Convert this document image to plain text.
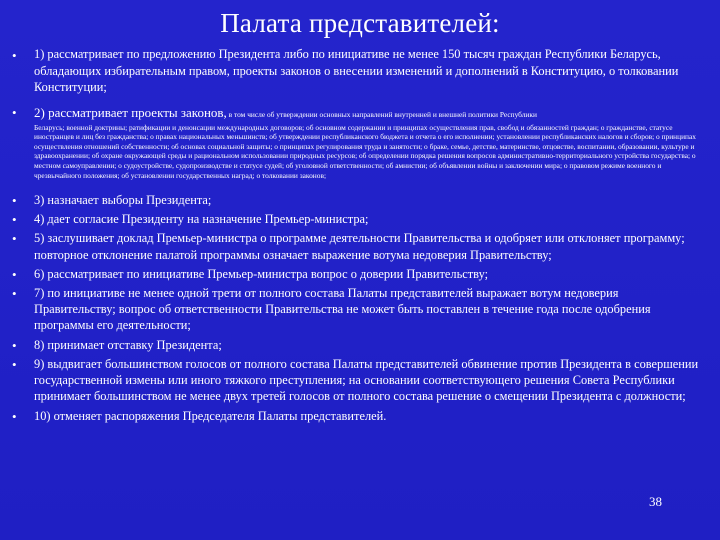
Палата представителей:
• 1) рассматривает по предложению Президента либо по инициативе не менее 150 тысяч граждан Республики Беларусь, обладающих избирательным правом, проекты законов о внесении изменений и дополнений в Конституцию, о толковании Конституции;
• 2) рассматривает проекты законов, в том числе об утверждении основных направлений внутренней и внешней политики Республики
Беларусь; военной доктрины; ратификации и денонсации международных договоров; об основном содержании и принципах осуществления прав, свобод и обязанностей граждан; о гражданстве, статусе иностранцев и лиц без гражданства; о правах национальных меньшинств; об утверждении республиканского бюджета и отчета о его исполнении; установлении республиканских налогов и сборов; о принципах осуществления отношений собственности; об основах социальной защиты; о принципах регулирования труда и занятости; о браке, семье, детстве, материнстве, отцовстве, воспитании, образовании, культуре и здравоохранении; об охране окружающей среды и рациональном использовании природных ресурсов; об определении порядка решения вопросов административно-территориального устройства государства; о местном самоуправлении; о судоустройстве, судопроизводстве и статусе судей; об уголовной ответственности; об амнистии; об объявлении войны и заключении мира; о правовом режиме военного и чрезвычайного положения; об установлении государственных наград; о толковании законов;
• 3) назначает выборы Президента;
• 4) дает согласие Президенту на назначение Премьер-министра;
• 5) заслушивает доклад Премьер-министра о программе деятельности Правительства и одобряет или отклоняет программу; повторное отклонение палатой программы означает выражение вотума недоверия Правительству;
• 6) рассматривает по инициативе Премьер-министра вопрос о доверии Правительству;
• 7) по инициативе не менее одной трети от полного состава Палаты представителей выражает вотум недоверия Правительству; вопрос об ответственности Правительства не может быть поставлен в течение года после одобрения программы его деятельности;
• 8) принимает отставку Президента;
• 9) выдвигает большинством голосов от полного состава Палаты представителей обвинение против Президента в совершении государственной измены или иного тяжкого преступления; на основании соответствующего решения Совета Республики принимает большинством не менее двух третей голосов от полного состава решение о смещении Президента с должности;
• 10) отменяет распоряжения Председателя Палаты представителей.
38
